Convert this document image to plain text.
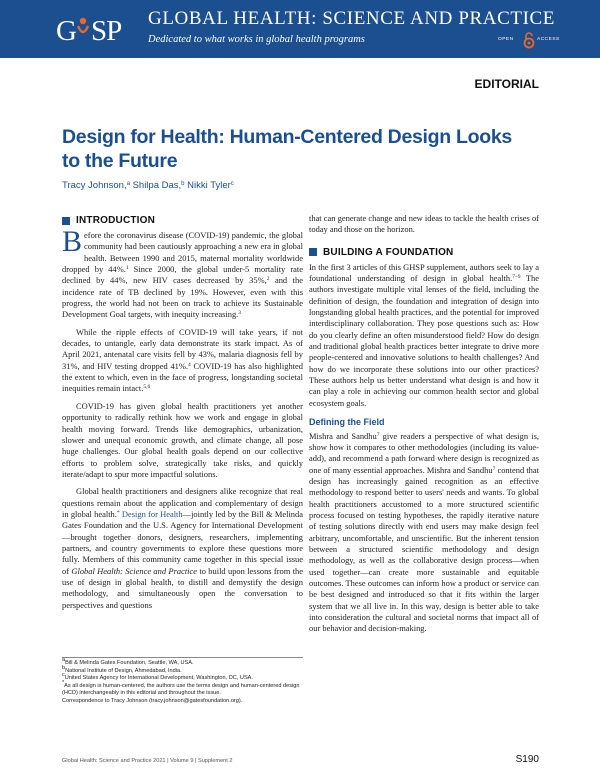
G SP GLOBAL HEALTH: SCIENCE AND PRACTICE
Dedicated to what works in global health programs	OPEN	ACCESS
EDITORIAL
Design for Health: Human-Centered Design Looks to the Future
Tracy Johnson,$^a$ Shilpa Das,$^b$ Nikki Tyler$^c$
INTRODUCTION

Before the coronavirus disease (COVID-19) pandemic, the global community had been cautiously approaching a new era in global health. Between 1990 and 2015, maternal mortality worldwide dropped by 44%.$^1$ Since 2000, the global under-5 mortality rate declined by 44%, new HIV cases decreased by 35%,$^2$ and the incidence rate of TB declined by 19%. However, even with this progress, the world had not been on track to achieve its Sustainable Development Goal targets, with inequity increasing.$^3$

While the ripple effects of COVID-19 will take years, if not decades, to untangle, early data demonstrate its stark impact. As of April 2021, antenatal care visits fell by 43%, malaria diagnosis fell by 31%, and HIV testing dropped 41%.$^4$ COVID-19 has also highlighted the extent to which, even in the face of progress, longstanding societal inequities remain intact.$^{5,6}$

COVID-19 has given global health practitioners yet another opportunity to radically rethink how we work and engage in global health moving forward. Trends like demographics, urbanization, slower and unequal economic growth, and climate change, all pose huge challenges. Our global health goals depend on our collective efforts to problem solve, strategically take risks, and quickly iterate/adapt to spur more impactful solutions.

Global health practitioners and designers alike recognize that real questions remain about the application and complementary of design in global health.* Design for Health—jointly led by the Bill & Melinda Gates Foundation and the U.S. Agency for International Development—brought together donors, designers, researchers, implementing partners, and country governments to explore these questions more fully. Members of this community came together in this special issue of Global Health: Science and Practice to build upon lessons from the use of design in global health, to distill and demystify the design methodology, and simultaneously open the conversation to perspectives and questions

$^a$Bill & Melinda Gates Foundation, Seattle, WA, USA.

$^b$National Institute of Design, Ahmedabad, India.

$^c$United States Agency for International Development, Washington, DC, USA.

*As all design is human-centered, the authors use the terms design and human-centered design (HCD) interchangeably in this editorial and throughout the issue.

Correspondence to Tracy Johnson (tracy.johnson@gatesfoundation.org).

that can generate change and new ideas to tackle the health crises of today and those on the horizon.

BUILDING A FOUNDATION

In the first 3 articles of this GHSP supplement, authors seek to lay a foundational understanding of design in global health.$^{7-9}$ The authors investigate multiple vital lenses of the field, including the definition of design, the foundation and integration of design into longstanding global health practices, and the potential for improved interdisciplinary collaboration. They pose questions such as: How do you clearly define an often misunderstood field? How do design and traditional global health practices better integrate to drive more people-centered and innovative solutions to health challenges? And how do we incorporate these solutions into our other practices? These authors help us better understand what design is and how it can play a role in achieving our common health sector and global ecosystem goals.

Defining the Field

Mishra and Sandhu$^7$ give readers a perspective of what design is, show how it compares to other methodologies (including its value-add), and recommend a path forward where design is recognized as one of many essential approaches. Mishra and Sandhu$^7$ contend that design has increasingly gained recognition as an effective methodology to respond better to users' needs and wants. To global health practitioners accustomed to a more structured scientific process focused on testing hypotheses, the rapidly iterative nature of testing solutions directly with end users may make design feel arbitrary, uncomfortable, and unscientific. But the inherent tension between a structured scientific methodology and design methodology, as well as the collaborative design process—when used together—can create more sustainable and equitable outcomes. These outcomes can inform how a product or service can be best designed and introduced so that it fits within the larger system that we all live in. In this way, design is better able to take into consideration the cultural and societal norms that impact all of our behavior and decision-making.

Global Health: Science and Practice 2021 | Volume 9 | Supplement 2	S190
